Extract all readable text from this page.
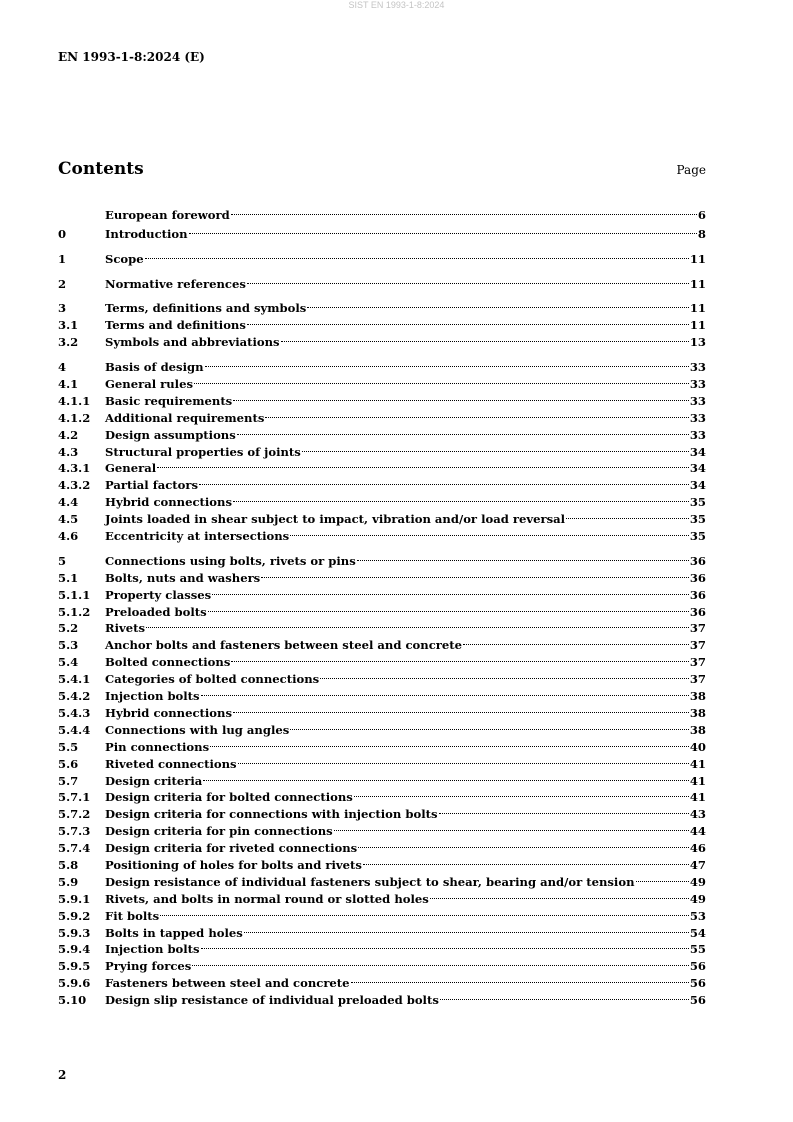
SIST EN 1993-1-8:2024
EN 1993-1-8:2024 (E)
Contents	Page
European foreword	6
0	Introduction	8
1	Scope	11
2	Normative references	11
3	Terms, definitions and symbols	11
3.1	Terms and definitions	11
3.2	Symbols and abbreviations	13
4	Basis of design	33
4.1	General rules	33
4.1.1	Basic requirements	33
4.1.2	Additional requirements	33
4.2	Design assumptions	33
4.3	Structural properties of joints	34
4.3.1	General	34
4.3.2	Partial factors	34
4.4	Hybrid connections	35
4.5	Joints loaded in shear subject to impact, vibration and/or load reversal	35
4.6	Eccentricity at intersections	35
5	Connections using bolts, rivets or pins	36
5.1	Bolts, nuts and washers	36
5.1.1	Property classes	36
5.1.2	Preloaded bolts	36
5.2	Rivets	37
5.3	Anchor bolts and fasteners between steel and concrete	37
5.4	Bolted connections	37
5.4.1	Categories of bolted connections	37
5.4.2	Injection bolts	38
5.4.3	Hybrid connections	38
5.4.4	Connections with lug angles	38
5.5	Pin connections	40
5.6	Riveted connections	41
5.7	Design criteria	41
5.7.1	Design criteria for bolted connections	41
5.7.2	Design criteria for connections with injection bolts	43
5.7.3	Design criteria for pin connections	44
5.7.4	Design criteria for riveted connections	46
5.8	Positioning of holes for bolts and rivets	47
5.9	Design resistance of individual fasteners subject to shear, bearing and/or tension	49
5.9.1	Rivets, and bolts in normal round or slotted holes	49
5.9.2	Fit bolts	53
5.9.3	Bolts in tapped holes	54
5.9.4	Injection bolts	55
5.9.5	Prying forces	56
5.9.6	Fasteners between steel and concrete	56
5.10	Design slip resistance of individual preloaded bolts	56
2
